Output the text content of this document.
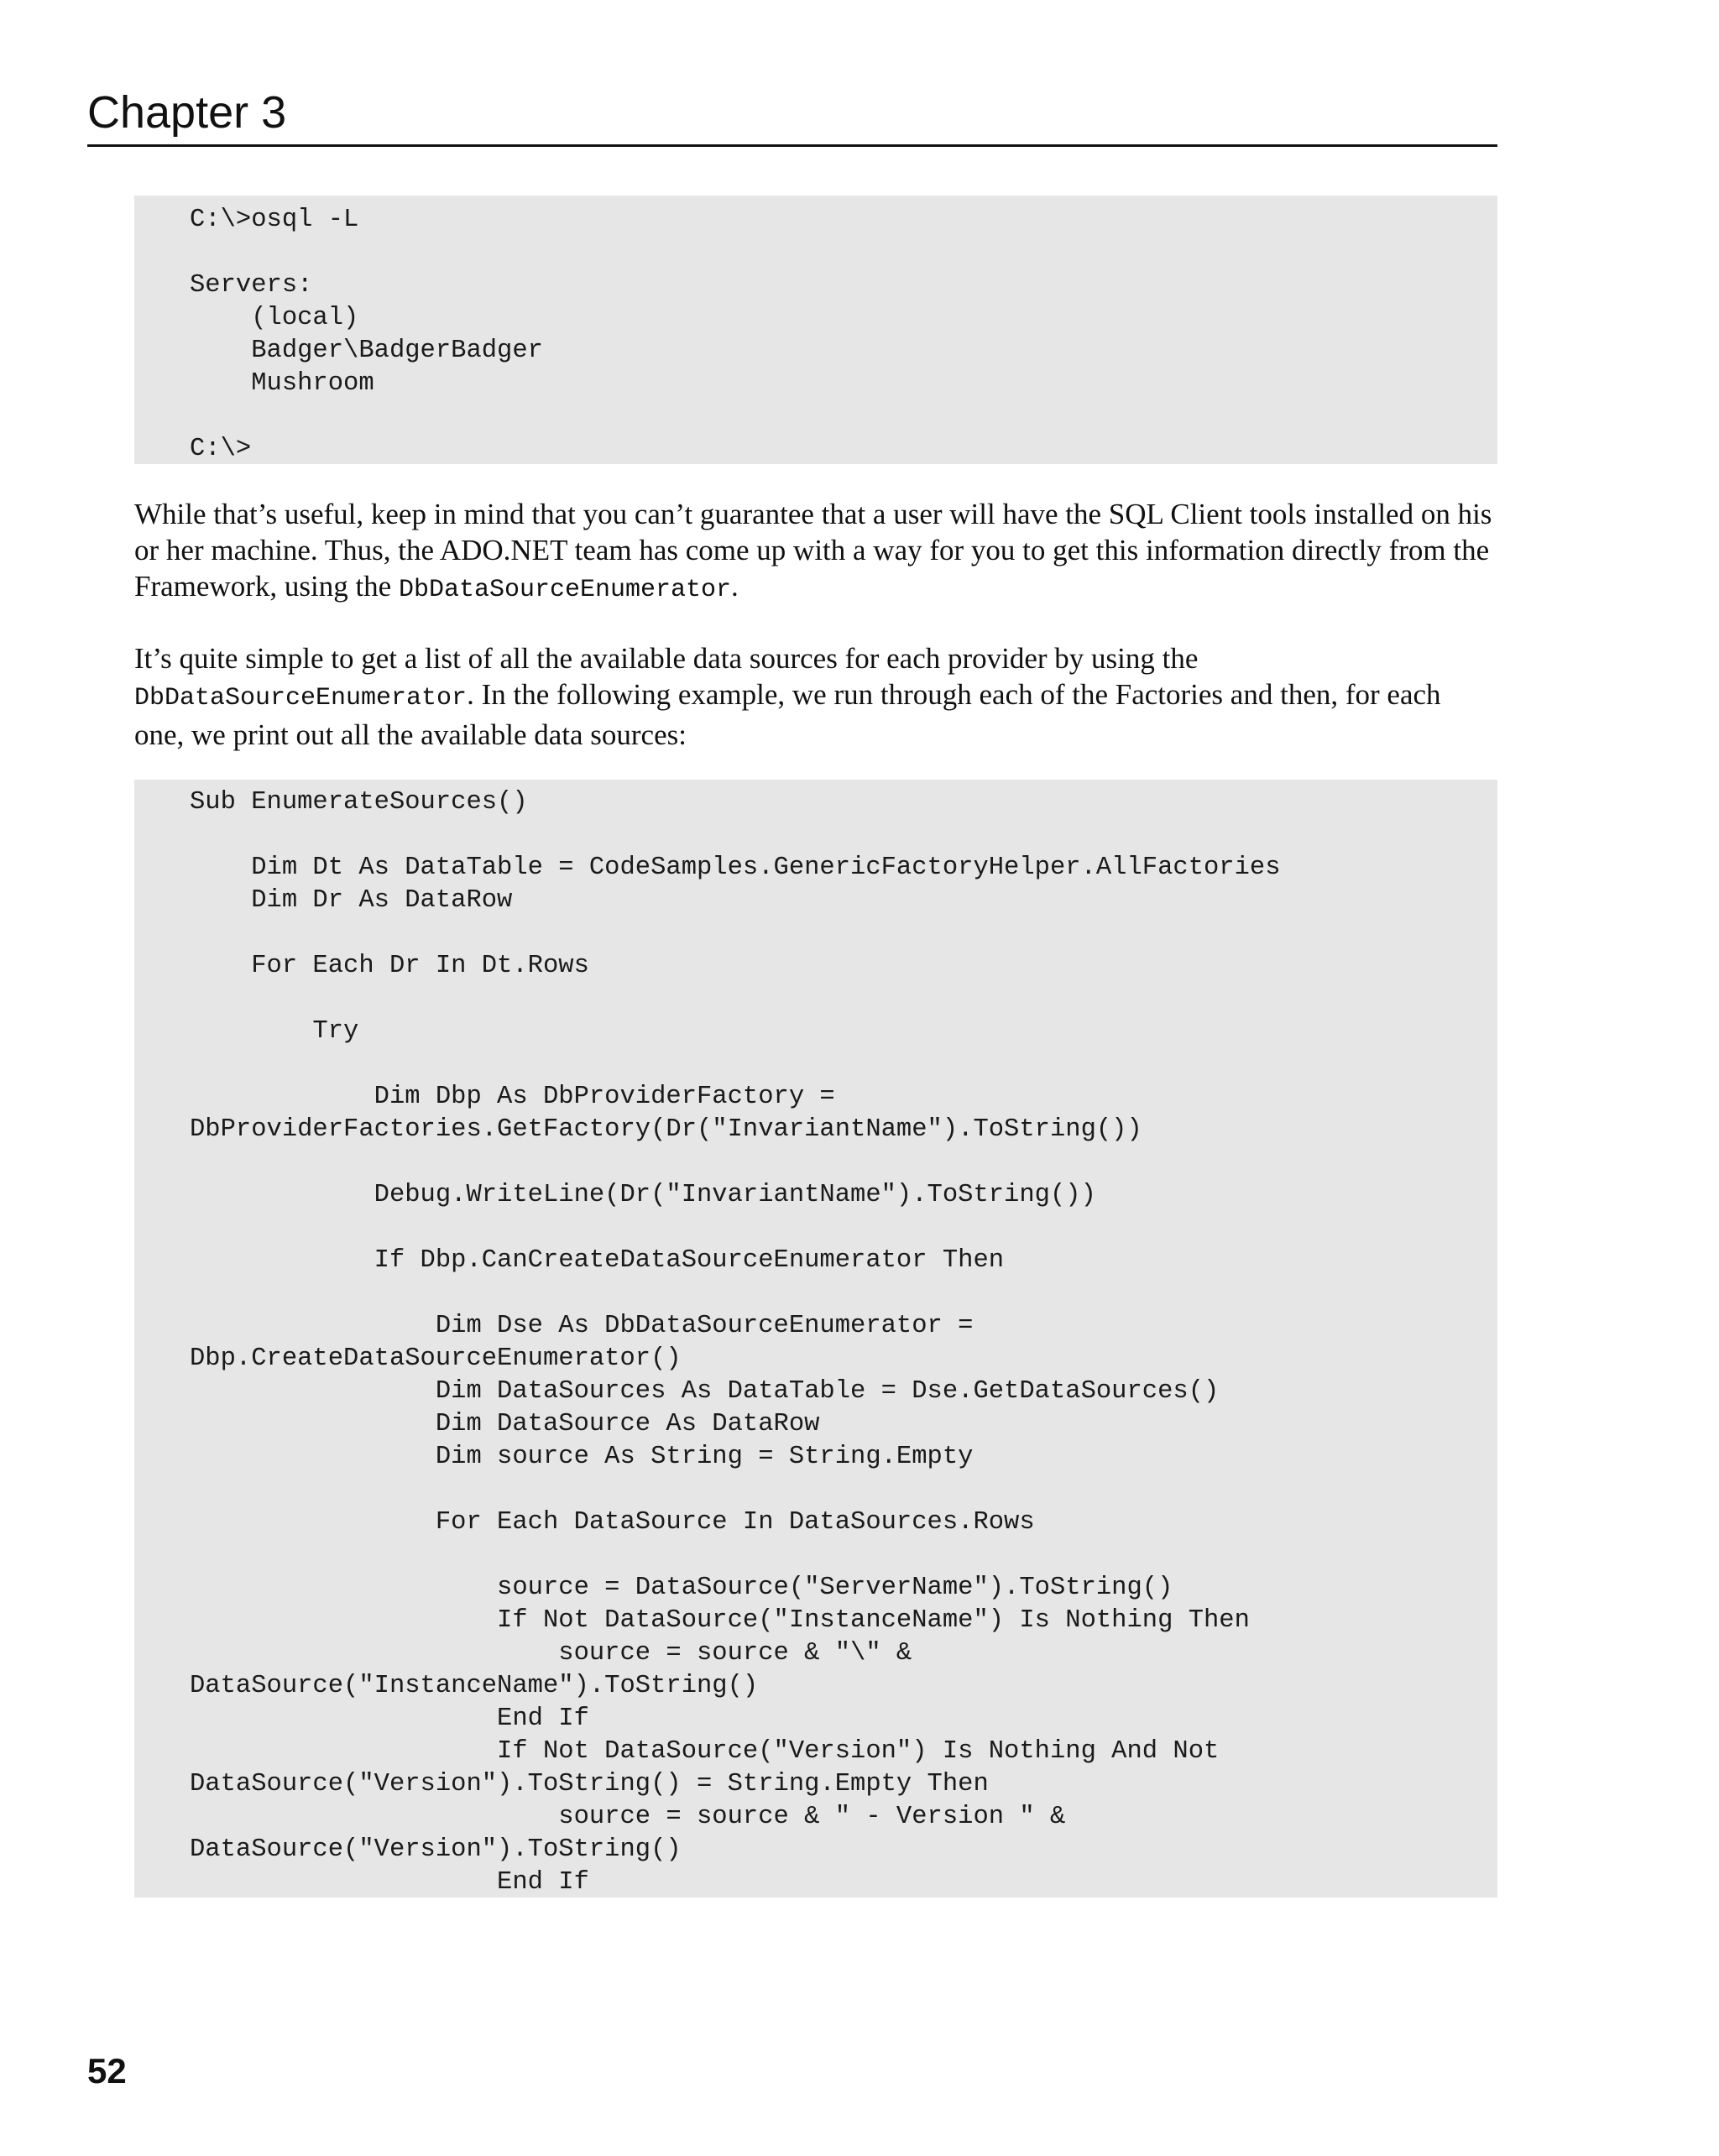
Chapter 3
C:\>osql -L
Servers:
(local)
Badger\BadgerBadger
Mushroom
C:\>

While that’s useful, keep in mind that you can’t guarantee that a user will have the SQL Client tools installed on his or her machine. Thus, the ADO.NET team has come up with a way for you to get this information directly from the Framework, using the DbDataSourceEnumerator.

It’s quite simple to get a list of all the available data sources for each provider by using the DbDataSourceEnumerator. In the following example, we run through each of the Factories and then, for each one, we print out all the available data sources:

Sub EnumerateSources()
Dim Dt As DataTable = CodeSamples.GenericFactoryHelper.AllFactories
Dim Dr As DataRow
For Each Dr In Dt.Rows
Try
Dim Dbp As DbProviderFactory =
DbProviderFactories.GetFactory(Dr("InvariantName").ToString())
Debug.WriteLine(Dr("InvariantName").ToString())
If Dbp.CanCreateDataSourceEnumerator Then
Dim Dse As DbDataSourceEnumerator =
Dbp.CreateDataSourceEnumerator()
Dim DataSources As DataTable = Dse.GetDataSources()
Dim DataSource As DataRow
Dim source As String = String.Empty
For Each DataSource In DataSources.Rows
source = DataSource("ServerName").ToString()
If Not DataSource("InstanceName") Is Nothing Then
source = source & "\" &
DataSource("InstanceName").ToString()
End If
If Not DataSource("Version") Is Nothing And Not
DataSource("Version").ToString() = String.Empty Then
source = source & " - Version " &
DataSource("Version").ToString()
End If

52
